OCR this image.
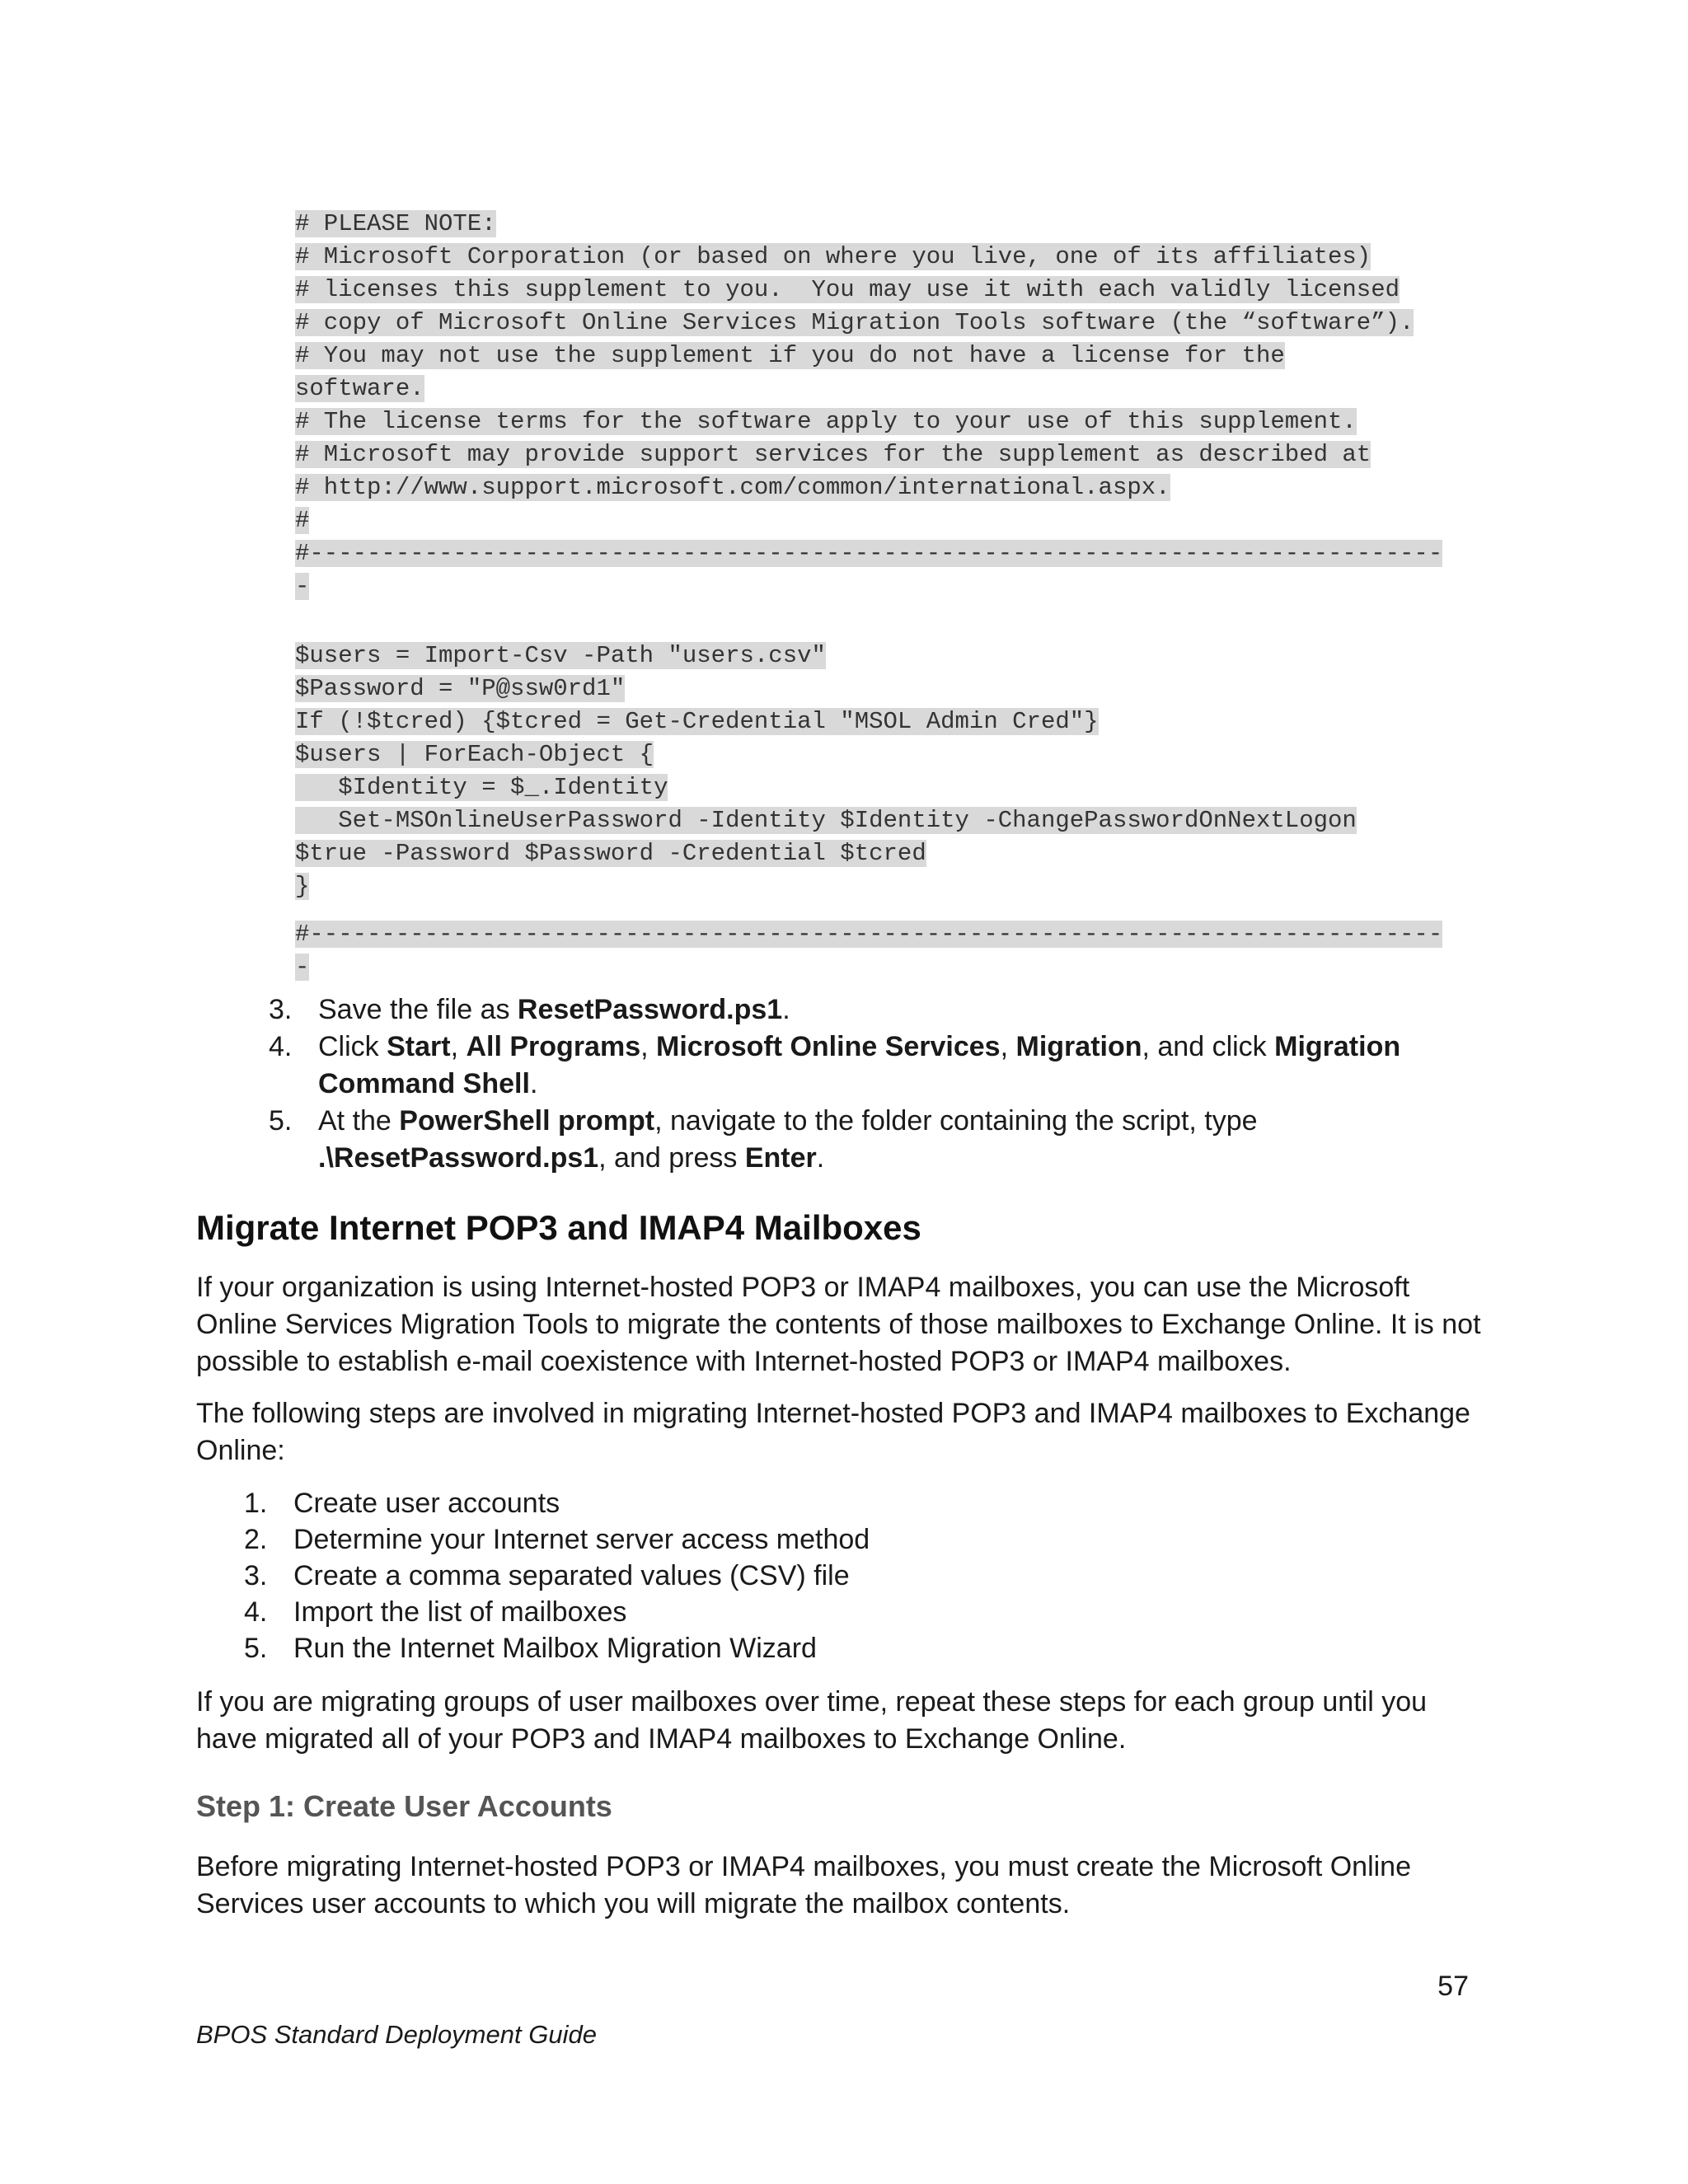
# PLEASE NOTE:
# Microsoft Corporation (or based on where you live, one of its affiliates)
# licenses this supplement to you.  You may use it with each validly licensed
# copy of Microsoft Online Services Migration Tools software (the “software”).
# You may not use the supplement if you do not have a license for the
software.
# The license terms for the software apply to your use of this supplement.
# Microsoft may provide support services for the supplement as described at
# http://www.support.microsoft.com/common/international.aspx.
#
#-------------------------------------------------------------------------------
-
$users = Import-Csv -Path "users.csv"
$Password = "P@ssw0rd1"
If (!$tcred) {$tcred = Get-Credential "MSOL Admin Cred"}
$users | ForEach-Object {
$Identity = $_.Identity
Set-MSOnlineUserPassword -Identity $Identity -ChangePasswordOnNextLogon
$true -Password $Password -Credential $tcred
}
#-------------------------------------------------------------------------------
-
3. Save the file as ResetPassword.ps1.
4. Click Start, All Programs, Microsoft Online Services, Migration, and click Migration Command Shell.
5. At the PowerShell prompt, navigate to the folder containing the script, type .\ResetPassword.ps1, and press Enter.
Migrate Internet POP3 and IMAP4 Mailboxes

If your organization is using Internet-hosted POP3 or IMAP4 mailboxes, you can use the Microsoft Online Services Migration Tools to migrate the contents of those mailboxes to Exchange Online. It is not possible to establish e-mail coexistence with Internet-hosted POP3 or IMAP4 mailboxes.

The following steps are involved in migrating Internet-hosted POP3 and IMAP4 mailboxes to Exchange Online:

1. Create user accounts
2. Determine your Internet server access method
3. Create a comma separated values (CSV) file
4. Import the list of mailboxes
5. Run the Internet Mailbox Migration Wizard

If you are migrating groups of user mailboxes over time, repeat these steps for each group until you have migrated all of your POP3 and IMAP4 mailboxes to Exchange Online.

Step 1: Create User Accounts

Before migrating Internet-hosted POP3 or IMAP4 mailboxes, you must create the Microsoft Online Services user accounts to which you will migrate the mailbox contents.

57
BPOS Standard Deployment Guide
